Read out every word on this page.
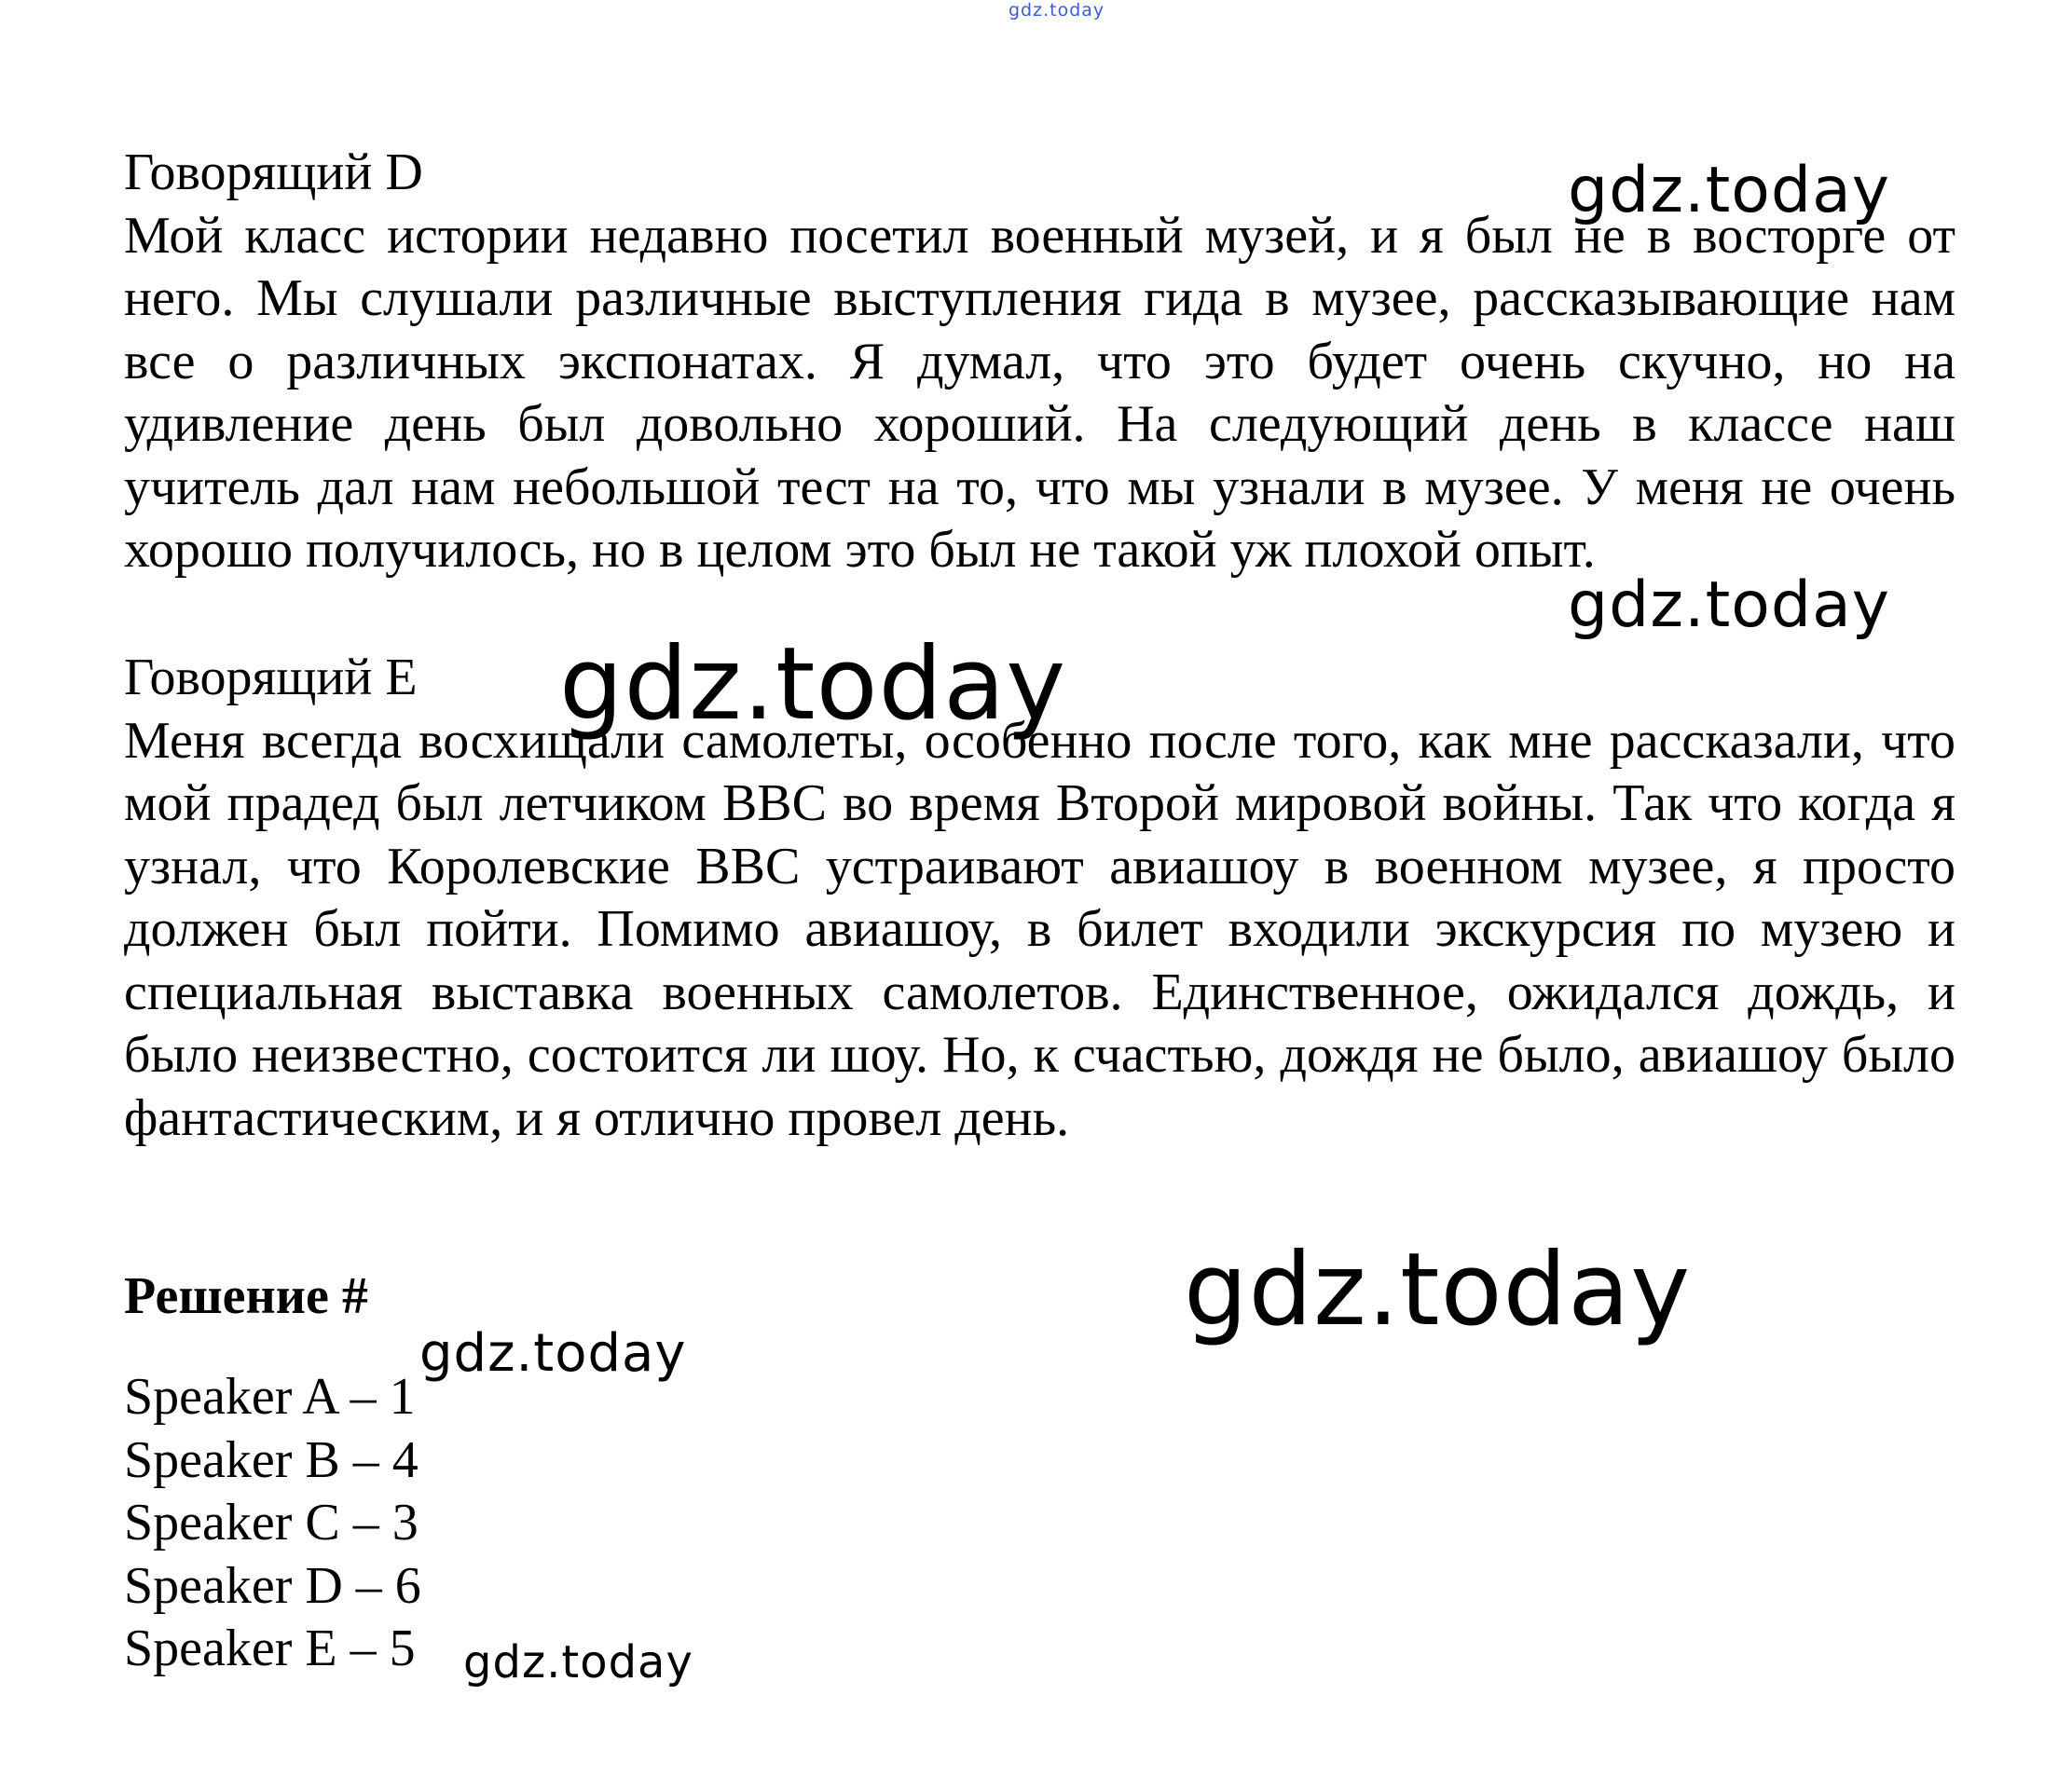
gdz.today
Говорящий D
Мой класс истории недавно посетил военный музей, и я был не в восторге от него. Мы слушали различные выступления гида в музее, рассказывающие нам все о различных экспонатах. Я думал, что это будет очень скучно, но на удивление день был довольно хороший. На следующий день в классе наш учитель дал нам небольшой тест на то, что мы узнали в музее. У меня не очень хорошо получилось, но в целом это был не такой уж плохой опыт.
Говорящий E
Меня всегда восхищали самолеты, особенно после того, как мне рассказали, что мой прадед был летчиком ВВС во время Второй мировой войны. Так что когда я узнал, что Королевские ВВС устраивают авиашоу в военном музее, я просто должен был пойти. Помимо авиашоу, в билет входили экскурсия по музею и специальная выставка военных самолетов. Единственное, ожидался дождь, и было неизвестно, состоится ли шоу. Но, к счастью, дождя не было, авиашоу было фантастическим, и я отлично провел день.
Решение #
Speaker A – 1
Speaker B – 4
Speaker C – 3
Speaker D – 6
Speaker E – 5
gdz.today
gdz.today
gdz.today
gdz.today
gdz.today
gdz.today
